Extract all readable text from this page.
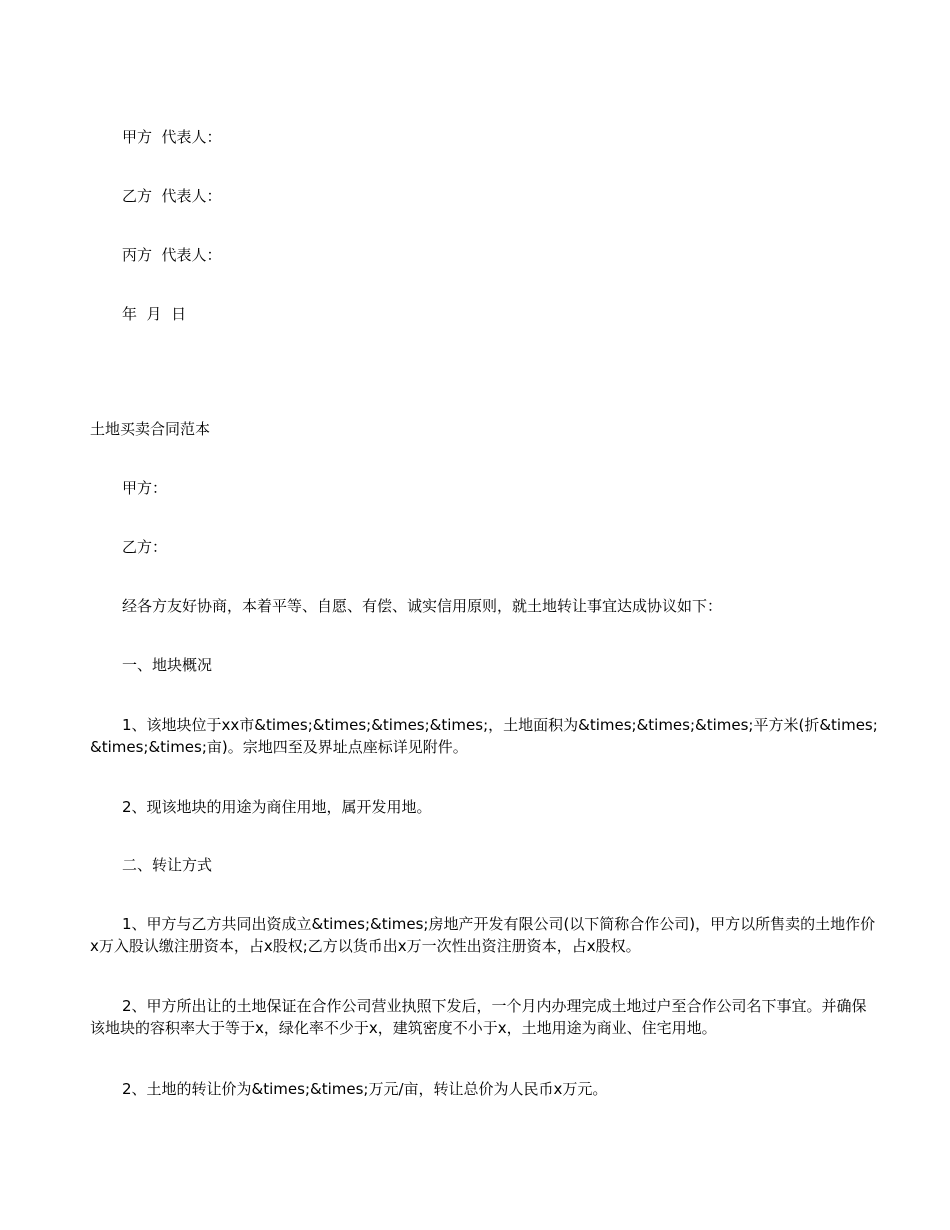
甲方  代表人：
乙方  代表人：
丙方  代表人：
年  月  日
土地买卖合同范本
甲方：
乙方：
经各方友好协商，本着平等、自愿、有偿、诚实信用原则，就土地转让事宜达成协议如下：
一、地块概况
1、该地块位于xx市&times;&times;&times;&times;，土地面积为&times;&times;&times;平方米(折&times;&times;&times;亩)。宗地四至及界址点座标详见附件。
2、现该地块的用途为商住用地，属开发用地。
二、转让方式
1、甲方与乙方共同出资成立&times;&times;房地产开发有限公司(以下简称合作公司)，甲方以所售卖的土地作价x万入股认缴注册资本，占x股权;乙方以货币出x万一次性出资注册资本，占x股权。
2、甲方所出让的土地保证在合作公司营业执照下发后，一个月内办理完成土地过户至合作公司名下事宜。并确保该地块的容积率大于等于x，绿化率不少于x，建筑密度不小于x，土地用途为商业、住宅用地。
2、土地的转让价为&times;&times;万元/亩，转让总价为人民币x万元。
